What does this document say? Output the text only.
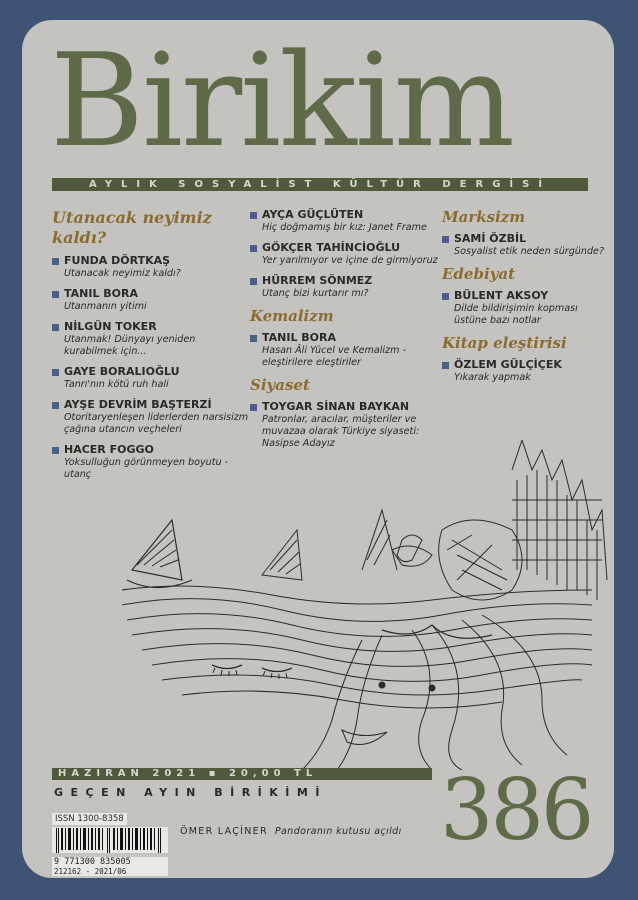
Birikim
AYLIK SOSYALİST KÜLTÜR DERGİSİ
Utanacak neyimiz kaldı?
FUNDA DÖRTKAŞ
Utanacak neyimiz kaldı?
TANIL BORA
Utanmanın yitimi
NİLGÜN TOKER
Utanmak! Dünyayı yeniden kurabilmek için...
GAYE BORALIOĞLU
Tanrı'nın kötü ruh hali
AYŞE DEVRİM BAŞTERZİ
Otoritaryenleşen liderlerden narsisizm çağına utancın veçheleri
HACER FOGGO
Yoksulluğun görünmeyen boyutu - utanç
AYÇA GÜÇLÜTEN
Hiç doğmamış bir kız: Janet Frame
GÖKÇER TAHİNCİOĞLU
Yer yarılmıyor ve içine de girmiyoruz
HÜRREM SÖNMEZ
Utanç bizi kurtarır mı?
Kemalizm
TANIL BORA
Hasan Âli Yücel ve Kemalizm - eleştirilere eleştiriler
Siyaset
TOYGAR SİNAN BAYKAN
Patronlar, aracılar, müşteriler ve muvazaa olarak Türkiye siyaseti: Nasipse Adayız
Marksizm
SAMİ ÖZBİL
Sosyalist etik neden sürgünde?
Edebiyat
BÜLENT AKSOY
Dilde bildirişimin kopması üstüne bazı notlar
Kitap eleştirisi
ÖZLEM GÜLÇİÇEK
Yıkarak yapmak
HAZİRAN 2021 ▪ 20,00 TL
GEÇEN AYIN BİRİKİMİ 386
ISSN 1300-8358
9 771300 835005
212162 - 2021/06
ÖMER LAÇİNER Pandoranın kutusu açıldı
